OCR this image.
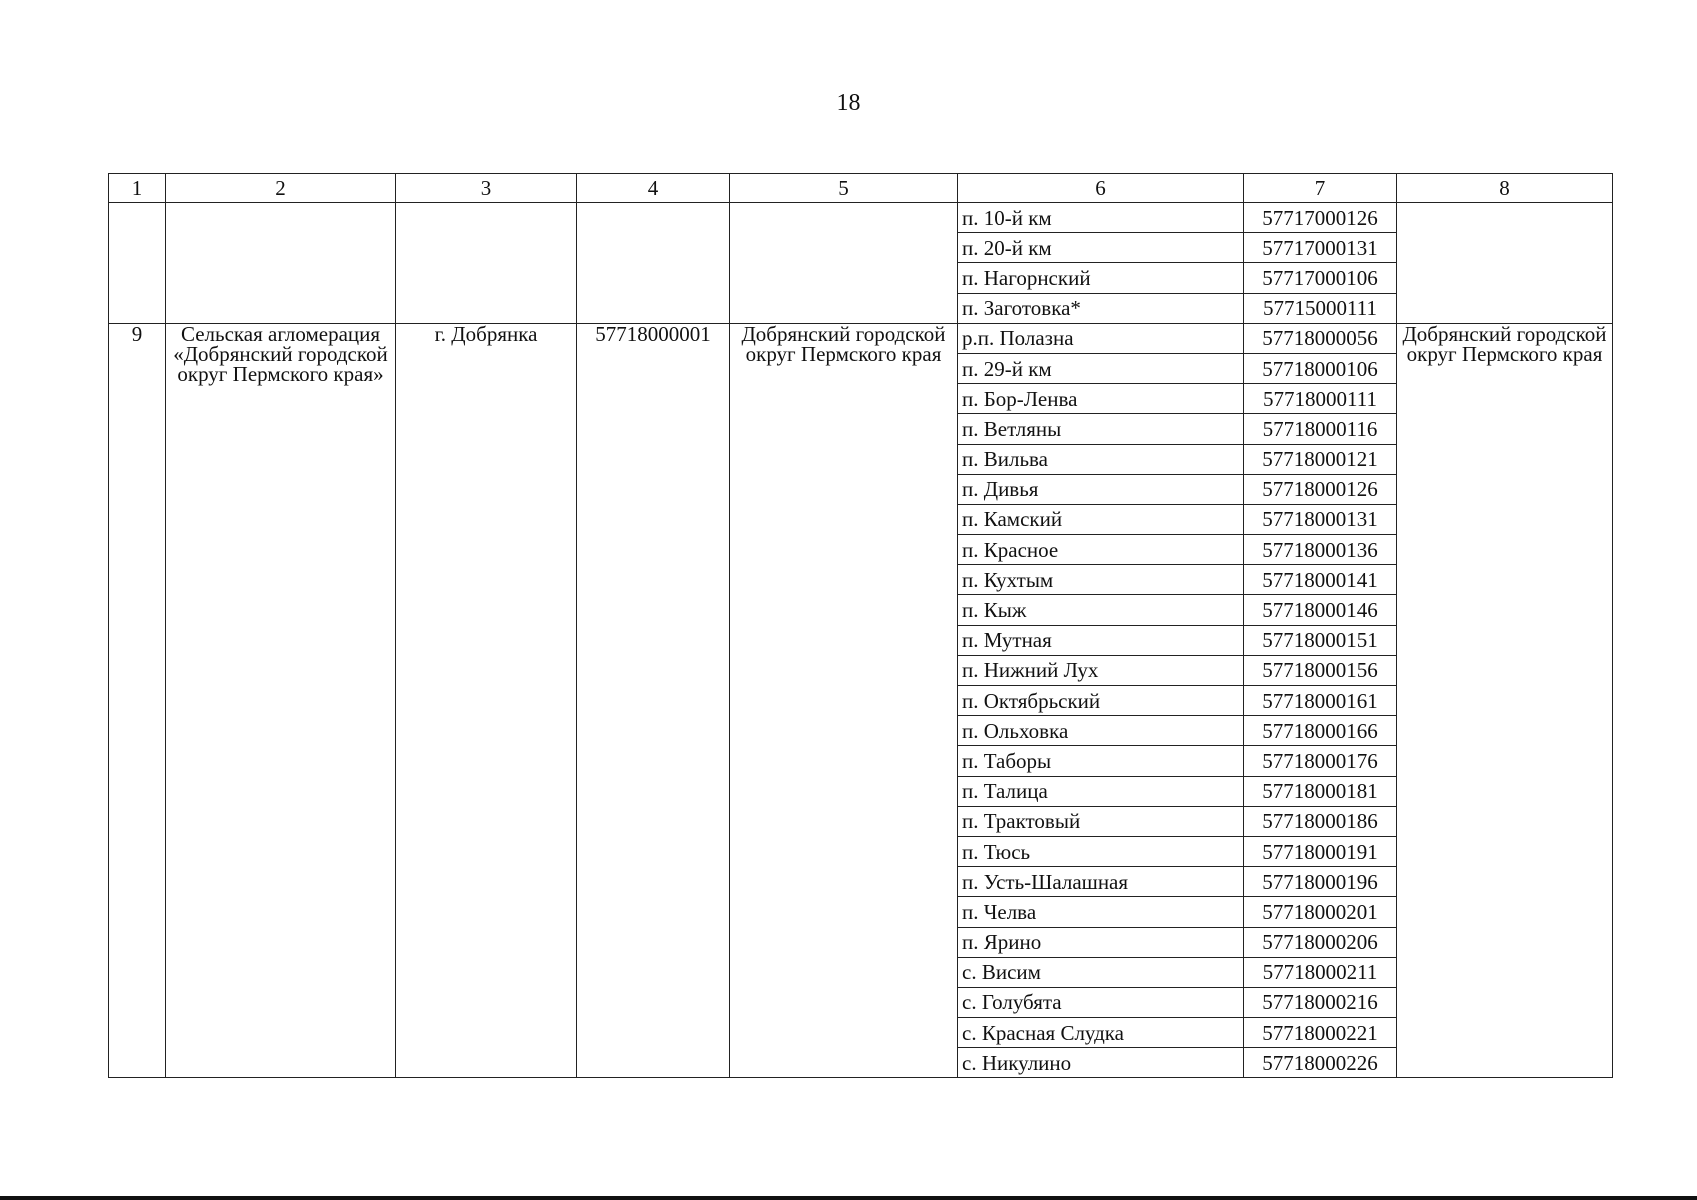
18
1	2	3	4	5	6	7	8
					п. 10-й км	57717000126	
					п. 20-й км	57717000131	
					п. Нагорнский	57717000106	
					п. Заготовка*	57715000111	
9	Сельская агломерация «Добрянский городской округ Пермского края»	г. Добрянка	57718000001	Добрянский городской округ Пермского края	р.п. Полазна	57718000056	Добрянский городской округ Пермского края
					п. 29-й км	57718000106	
					п. Бор-Ленва	57718000111	
					п. Ветляны	57718000116	
					п. Вильва	57718000121	
					п. Дивья	57718000126	
					п. Камский	57718000131	
					п. Красное	57718000136	
					п. Кухтым	57718000141	
					п. Кыж	57718000146	
					п. Мутная	57718000151	
					п. Нижний Лух	57718000156	
					п. Октябрьский	57718000161	
					п. Ольховка	57718000166	
					п. Таборы	57718000176	
					п. Талица	57718000181	
					п. Трактовый	57718000186	
					п. Тюсь	57718000191	
					п. Усть-Шалашная	57718000196	
					п. Челва	57718000201	
					п. Ярино	57718000206	
					с. Висим	57718000211	
					с. Голубята	57718000216	
					с. Красная Слудка	57718000221	
					с. Никулино	57718000226	
